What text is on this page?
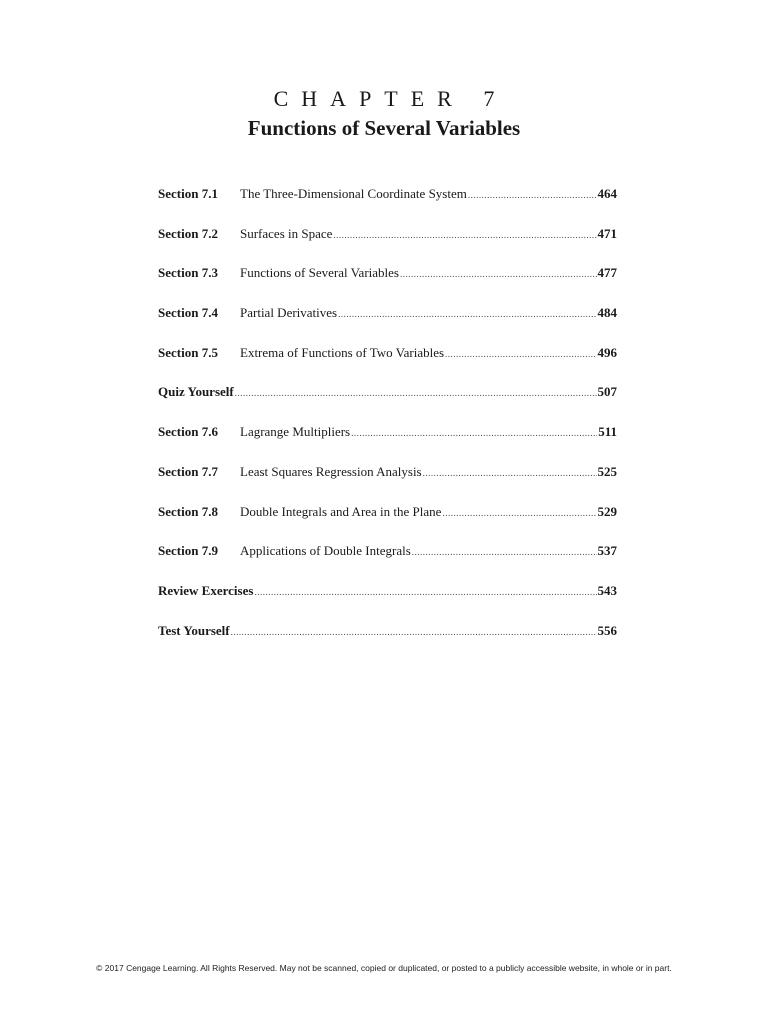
CHAPTER 7
Functions of Several Variables
Section 7.1	The Three-Dimensional Coordinate System .....	464
Section 7.2	Surfaces in Space .....	471
Section 7.3	Functions of Several Variables .....	477
Section 7.4	Partial Derivatives .....	484
Section 7.5	Extrema of Functions of Two Variables .....	496
Quiz Yourself .....	507
Section 7.6	Lagrange Multipliers .....	511
Section 7.7	Least Squares Regression Analysis .....	525
Section 7.8	Double Integrals and Area in the Plane .....	529
Section 7.9	Applications of Double Integrals .....	537
Review Exercises .....	543
Test Yourself .....	556
© 2017 Cengage Learning. All Rights Reserved. May not be scanned, copied or duplicated, or posted to a publicly accessible website, in whole or in part.
